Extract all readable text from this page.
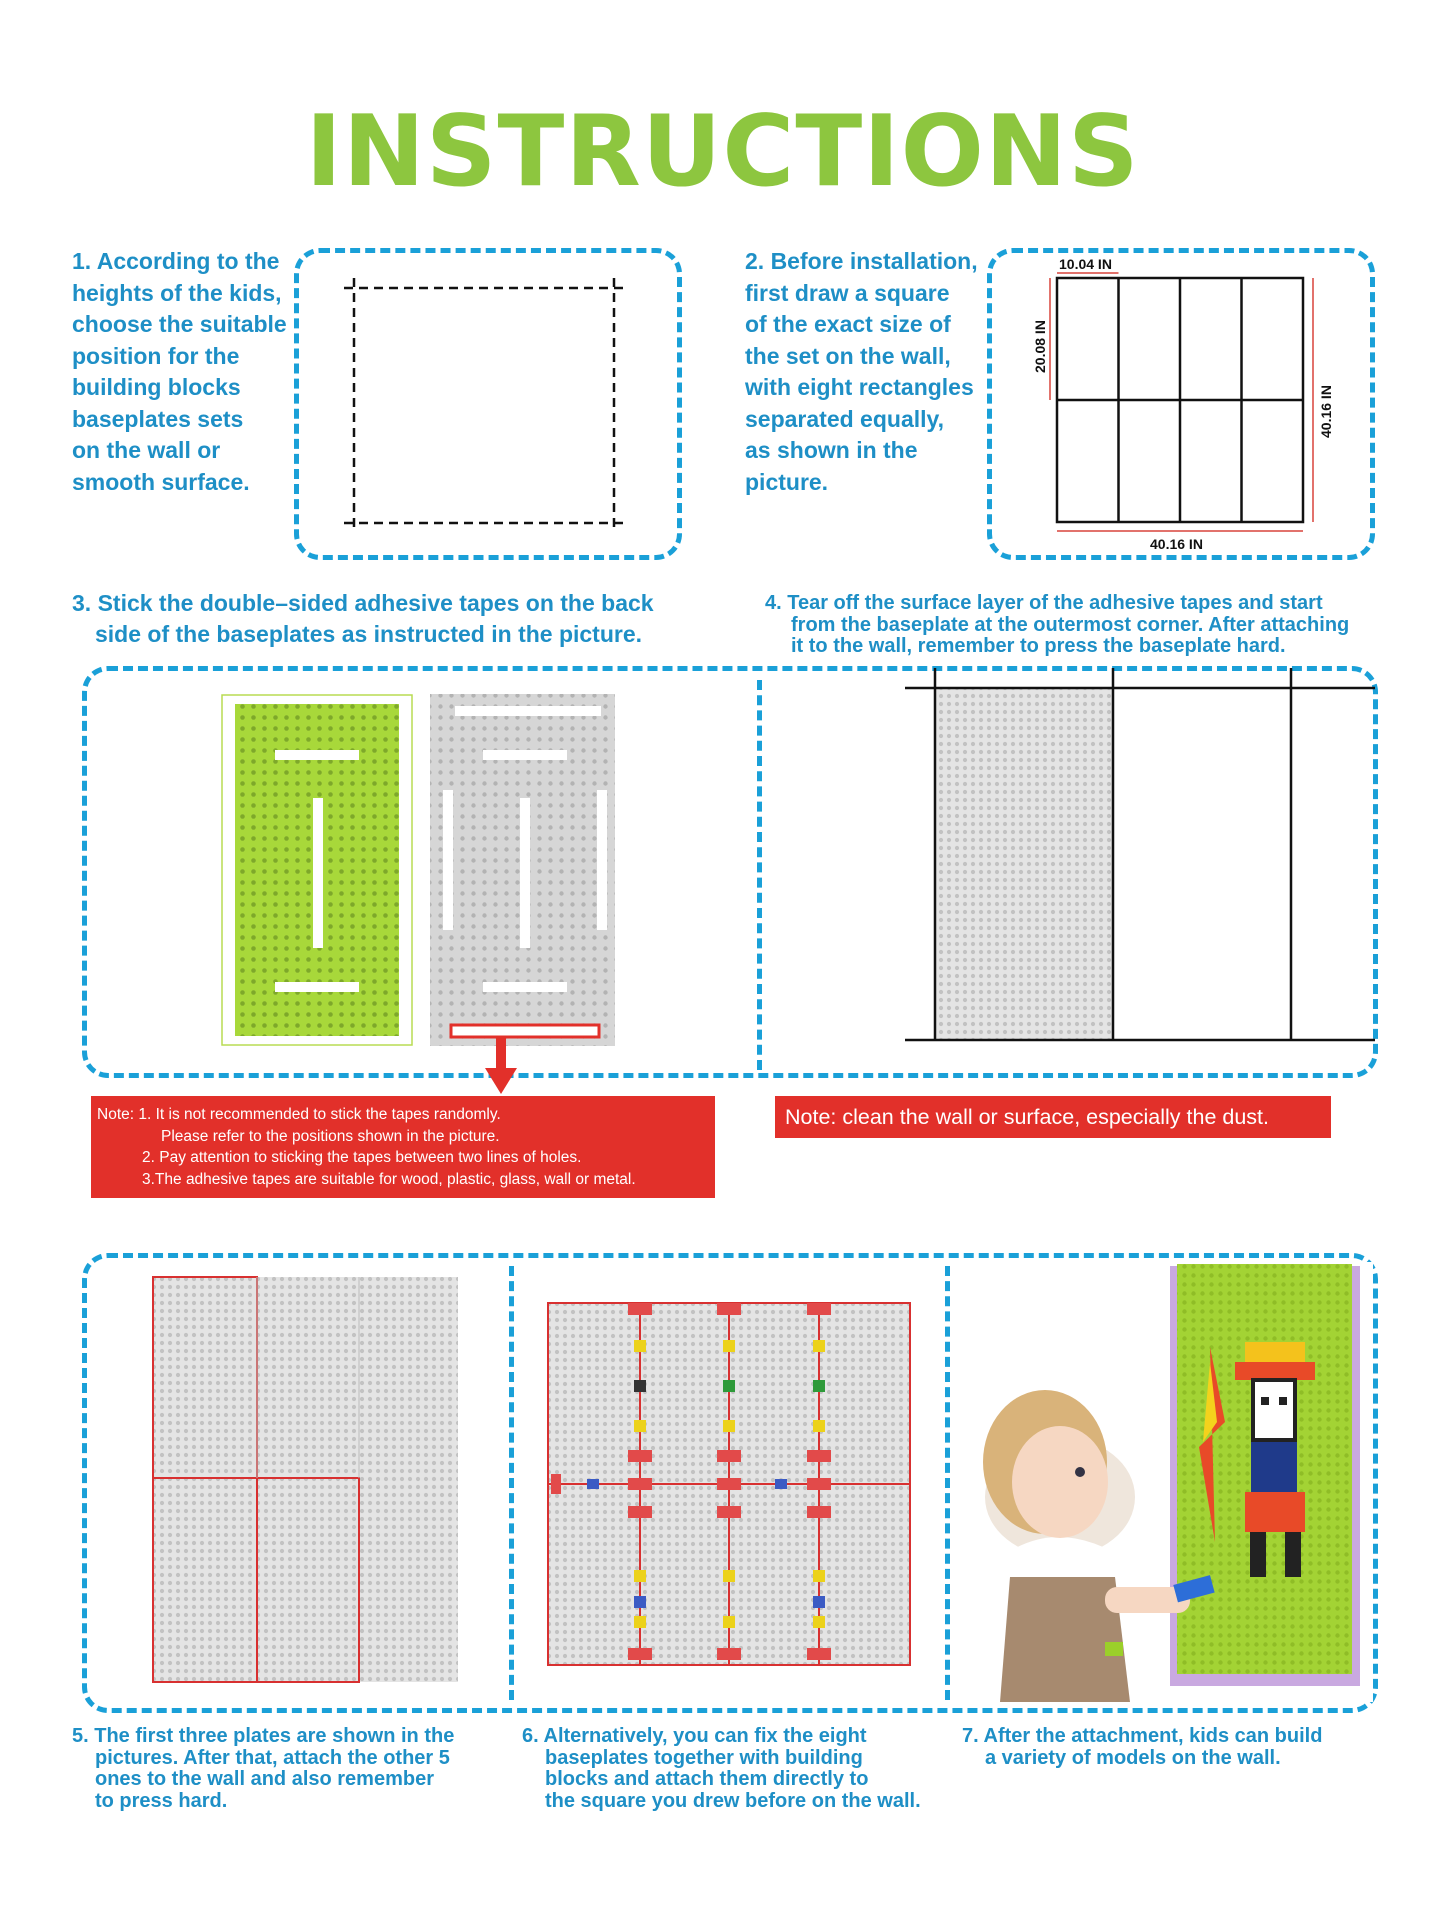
INSTRUCTIONS
1. According to the
heights of the kids,
choose the suitable
position for the
building blocks
baseplates sets
on the wall or
smooth surface.
2. Before installation,
first draw a square
of the exact size of
the set on the wall,
with eight rectangles
separated equally,
as shown in the
picture.
10.04 IN
20.08 IN
40.16 IN
40.16 IN
3. Stick the double–sided adhesive tapes on the back
side of the baseplates as instructed in the picture.
4. Tear off the surface layer of the adhesive tapes and start
from the baseplate at the outermost corner. After attaching
it to the wall, remember to press the baseplate hard.
Note: 1. It is not recommended to stick the tapes randomly.
Please refer to the positions shown in the picture.
2. Pay attention to sticking the tapes between two lines of holes.
3.The adhesive tapes are suitable for wood, plastic, glass, wall or metal.
Note: clean the wall or surface, especially the dust.
5. The first three plates are shown in the
pictures. After that, attach the other 5
ones to the wall and also remember
to press hard.
6. Alternatively, you can fix the eight
baseplates together with building
blocks and attach them directly to
the square you drew before on the wall.
7. After the attachment, kids can build
a variety of models on the wall.
